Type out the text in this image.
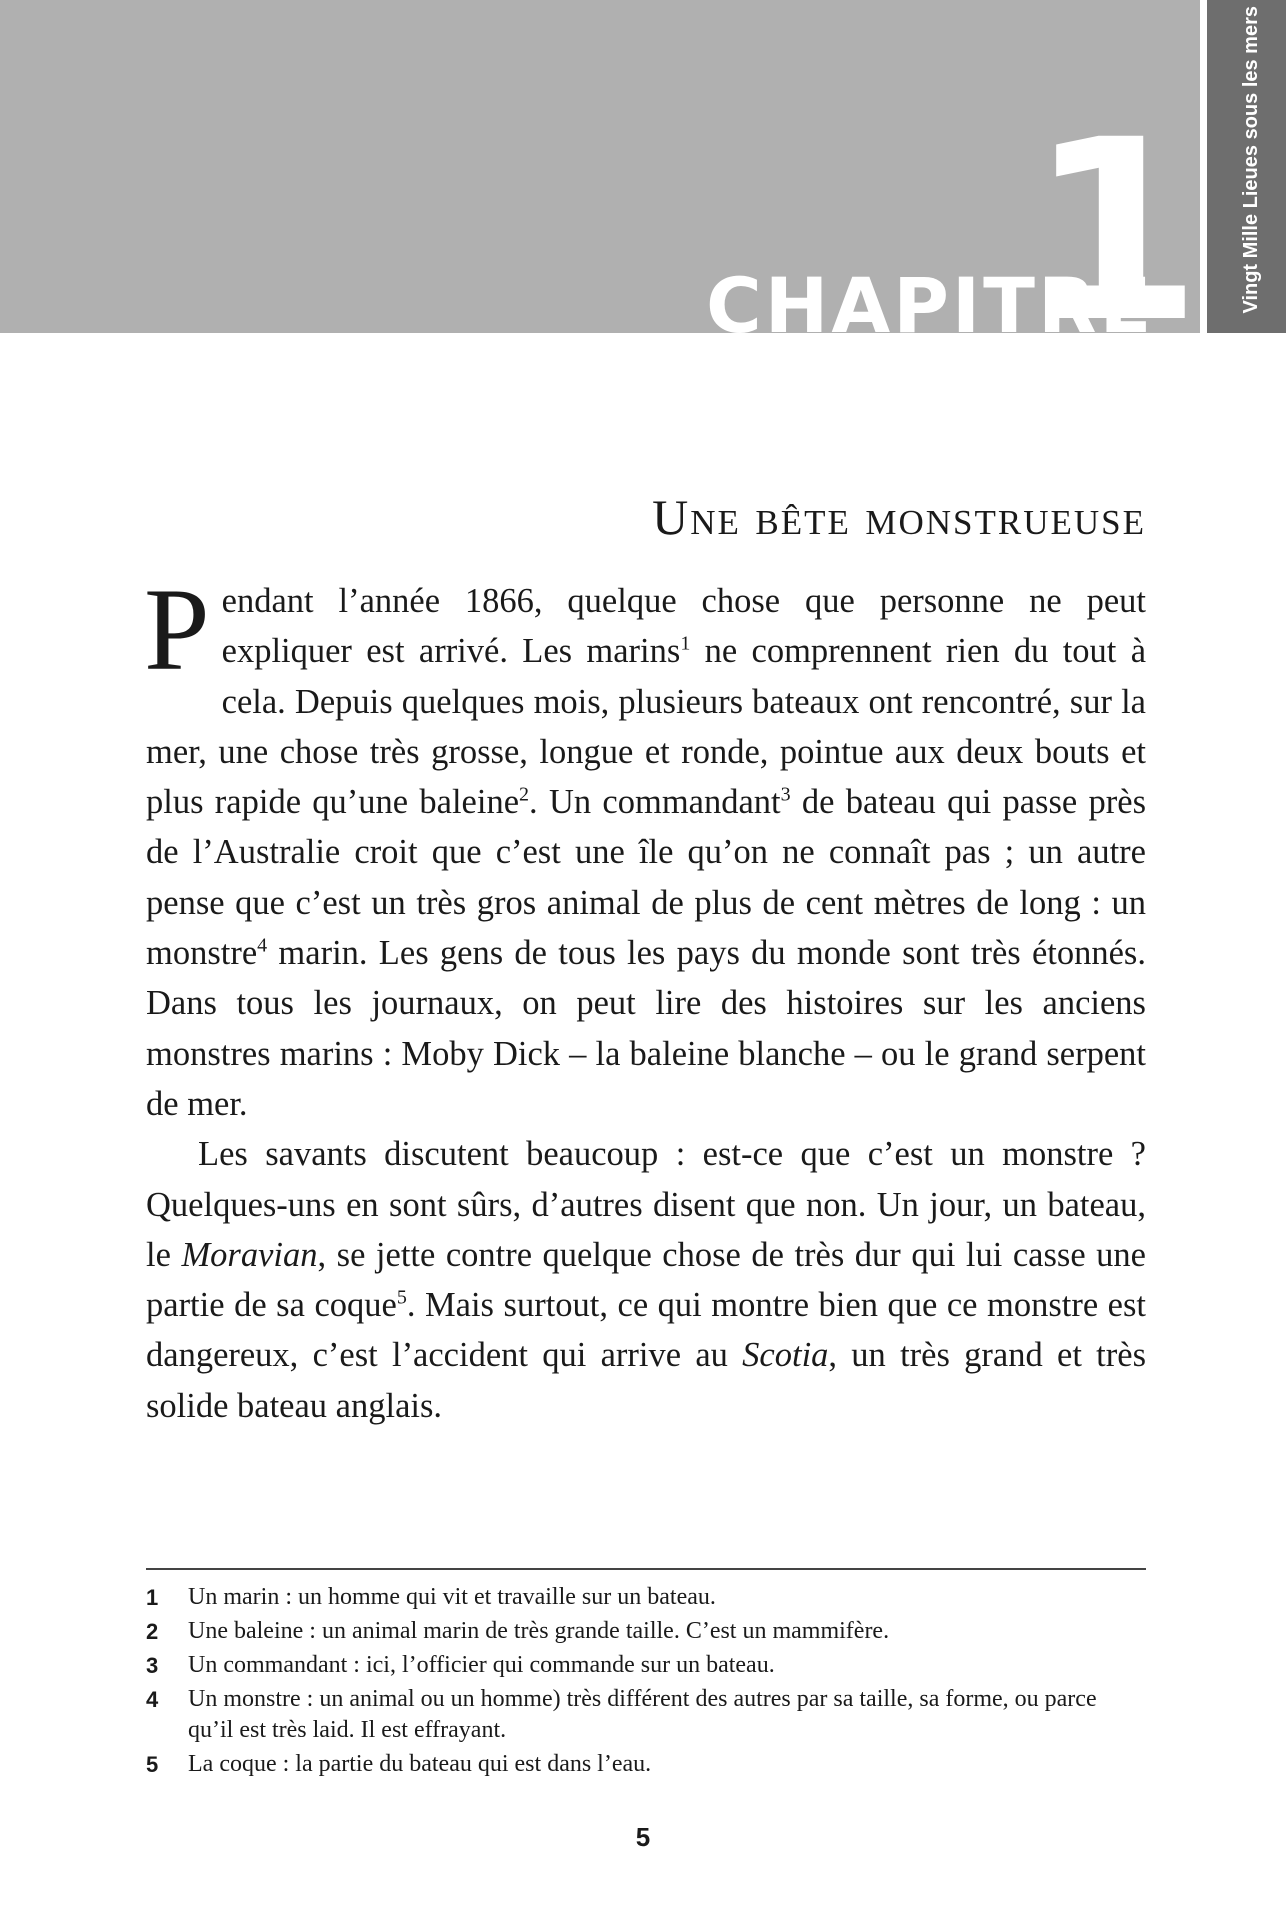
CHAPITRE
1 Vingt Mille Lieues sous les mers
Une bête monstrueuse

Pendant l’année 1866, quelque chose que personne ne peut expliquer est arrivé. Les marins$^1$ ne comprennent rien du tout à cela. Depuis quelques mois, plusieurs bateaux ont rencontré, sur la mer, une chose très grosse, longue et ronde, pointue aux deux bouts et plus rapide qu’une baleine$^2$. Un commandant$^3$ de bateau qui passe près de l’Australie croit que c’est une île qu’on ne connaît pas ; un autre pense que c’est un très gros animal de plus de cent mètres de long : un monstre$^4$ marin. Les gens de tous les pays du monde sont très étonnés. Dans tous les journaux, on peut lire des histoires sur les anciens monstres marins : Moby Dick – la baleine blanche – ou le grand serpent de mer.

Les savants discutent beaucoup : est-ce que c’est un monstre ? Quelques-uns en sont sûrs, d’autres disent que non. Un jour, un bateau, le Moravian, se jette contre quelque chose de très dur qui lui casse une partie de sa coque$^5$. Mais surtout, ce qui montre bien que ce monstre est dangereux, c’est l’accident qui arrive au Scotia, un très grand et très solide bateau anglais.

1	Un marin : un homme qui vit et travaille sur un bateau.
2	Une baleine : un animal marin de très grande taille. C’est un mammifère.
3	Un commandant : ici, l’officier qui commande sur un bateau.
4	Un monstre : un animal ou un homme) très différent des autres par sa taille, sa forme, ou parce qu’il est très laid. Il est effrayant.
5	La coque : la partie du bateau qui est dans l’eau.
5
